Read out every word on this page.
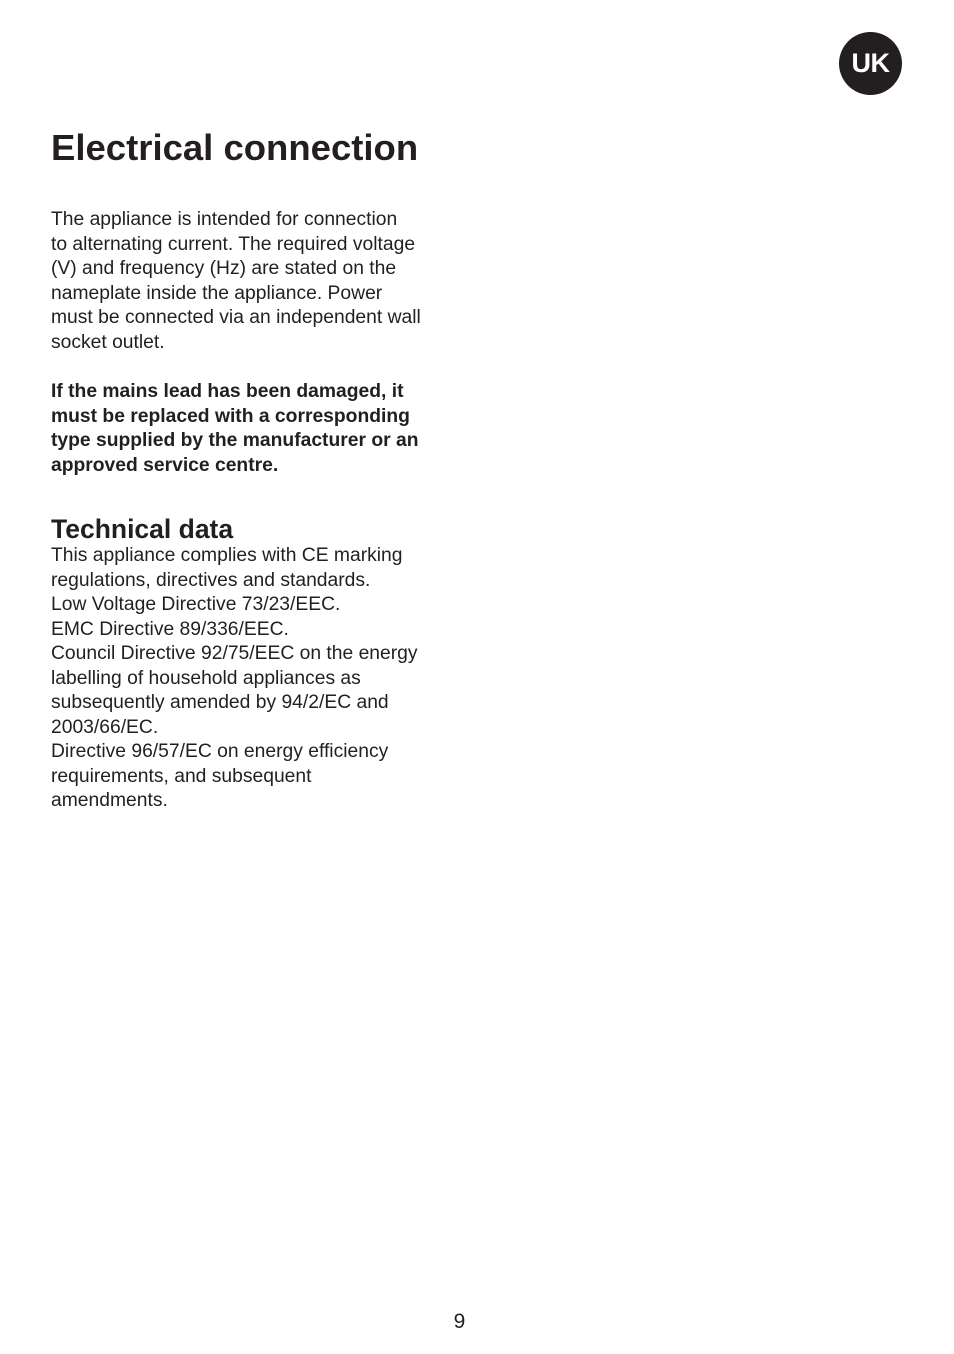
UK
Electrical connection

The appliance is intended for connection
to alternating current. The required voltage
(V) and frequency (Hz) are stated on the
nameplate inside the appliance. Power
must be connected via an independent wall
socket outlet.

If the mains lead has been damaged, it
must be replaced with a corresponding
type supplied by the manufacturer or an
approved service centre.

Technical data

This appliance complies with CE marking
regulations, directives and standards.
Low Voltage Directive 73/23/EEC.
EMC Directive 89/336/EEC.
Council Directive 92/75/EEC on the energy
labelling of household appliances as
subsequently amended by 94/2/EC and
2003/66/EC.
Directive 96/57/EC on energy efficiency
requirements, and subsequent
amendments.

9
